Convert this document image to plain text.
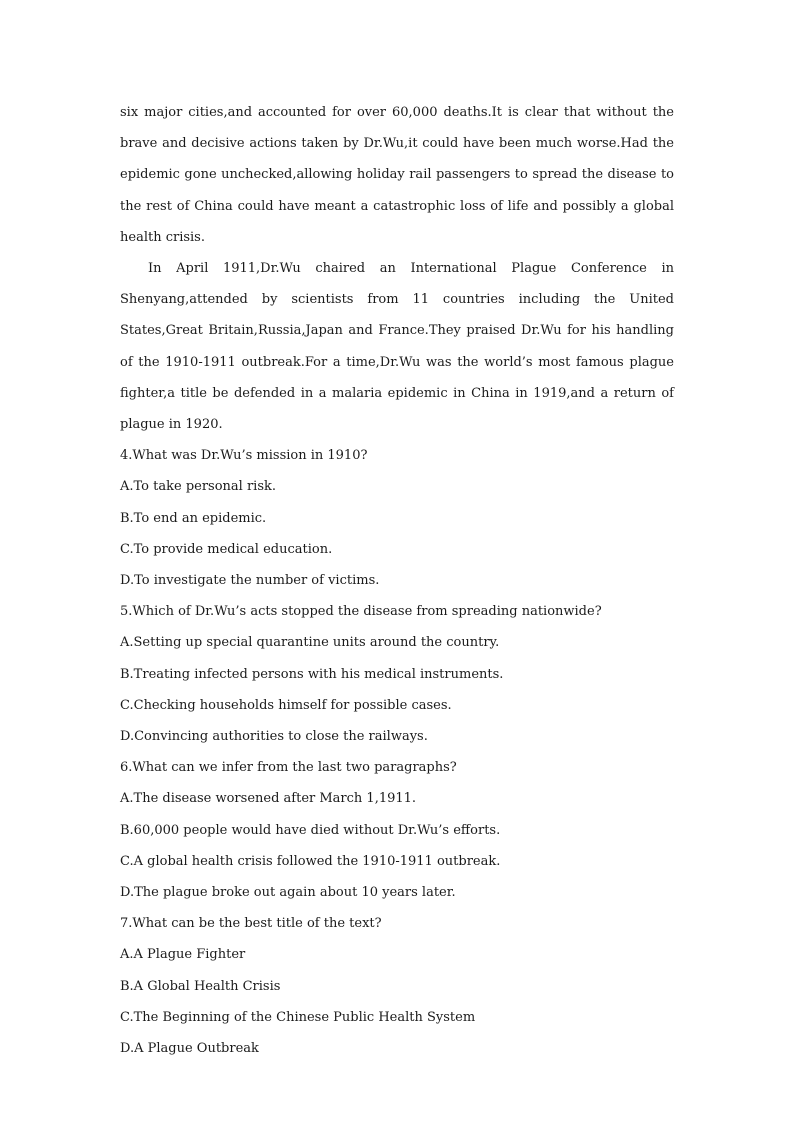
six major cities,and accounted for over 60,000 deaths.It is clear that without the brave and decisive actions taken by Dr.Wu,it could have been much worse.Had the epidemic gone unchecked,allowing holiday rail passengers to spread the disease to the rest of China could have meant a catastrophic loss of life and possibly a global health crisis.

In April 1911,Dr.Wu chaired an International Plague Conference in Shenyang,attended by scientists from 11 countries including the United States,Great Britain,Russia,Japan and France.They praised Dr.Wu for his handling of the 1910-1911 outbreak.For a time,Dr.Wu was the world’s most famous plague fighter,a title be defended in a malaria epidemic in China in 1919,and a return of plague in 1920.

4.What was Dr.Wu’s mission in 1910?

A.To take personal risk.

B.To end an epidemic.

C.To provide medical education.

D.To investigate the number of victims.

5.Which of Dr.Wu’s acts stopped the disease from spreading nationwide?

A.Setting up special quarantine units around the country.

B.Treating infected persons with his medical instruments.

C.Checking households himself for possible cases.

D.Convincing authorities to close the railways.

6.What can we infer from the last two paragraphs?

A.The disease worsened after March 1,1911.

B.60,000 people would have died without Dr.Wu’s efforts.

C.A global health crisis followed the 1910-1911 outbreak.

D.The plague broke out again about 10 years later.

7.What can be the best title of the text?

A.A Plague Fighter

B.A Global Health Crisis

C.The Beginning of the Chinese Public Health System

D.A Plague Outbreak
